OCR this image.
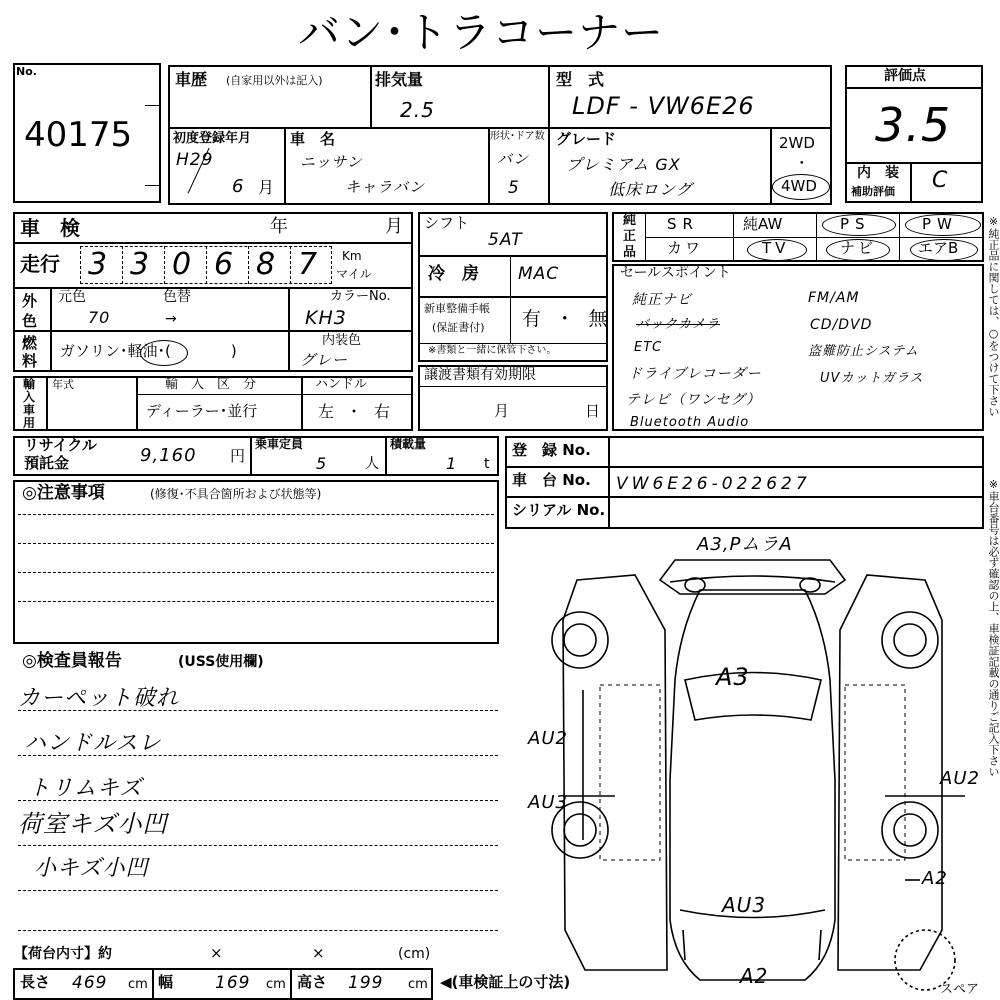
バン･トラコーナー
No.
40175
車歴 (自家用以外は記入)	排気量
2.5
型　式
LDF - VW6E26
初度登録年月
H29
6 月
車　名
ニッサン
キャラバン
形状･ドア数
バン
5
グレード
プレミアム GX
低床ロング
2WD
･
4WD
評価点
3.5
内　装
補助評価 C
車　検	年	月
走行 3 3 0 6 8 7 Km
マイル
外色
元色	色替
70	→
カラーNo.
KH3
燃料
ガソリン･軽油･(　　　　)
内装色
グレー
輸入車用
年式	輸　入　区　分
ディーラー･並行
ハンドル
左　･　右
シフト
5AT
冷　房 MAC
新車整備手帳
(保証書付) 有　･　無
※書類と一緒に保管下さい。
譲渡書類有効期限
月	日
純正品
SR	純AW	PS	PW
カワ	TV	ナビ	エアB
セールスポイント
純正ナビ
バックカメラ
ETC
ドライブレコーダー
テレビ（ワンセグ）
Bluetooth Audio
FM/AM
CD/DVD
盗難防止システム
UVカットガラス	※純正品に関しては、○をつけて下さい
※車台番号は必ず確認の上、車検証記載の通りご記入下さい
リサイクル
預託金	9,160 円
乗車定員
5	人
積載量
1 t
登　録 No.
車　台 No. VW6E26-022627
シリアル No.
◎注意事項	(修復･不具合箇所および状態等)
◎検査員報告	(USS使用欄)
カーペット破れ
ハンドルスレ
トリムキズ
荷室キズ小凹
小キズ小凹
【荷台内寸】約	×	×	(cm)
長さ 469 cm 幅 169 cm 高さ 199 cm ◀(車検証上の寸法)
A3,PムラA
A3
AU2
AU3
AU2
A2
AU3
A2
スペア
